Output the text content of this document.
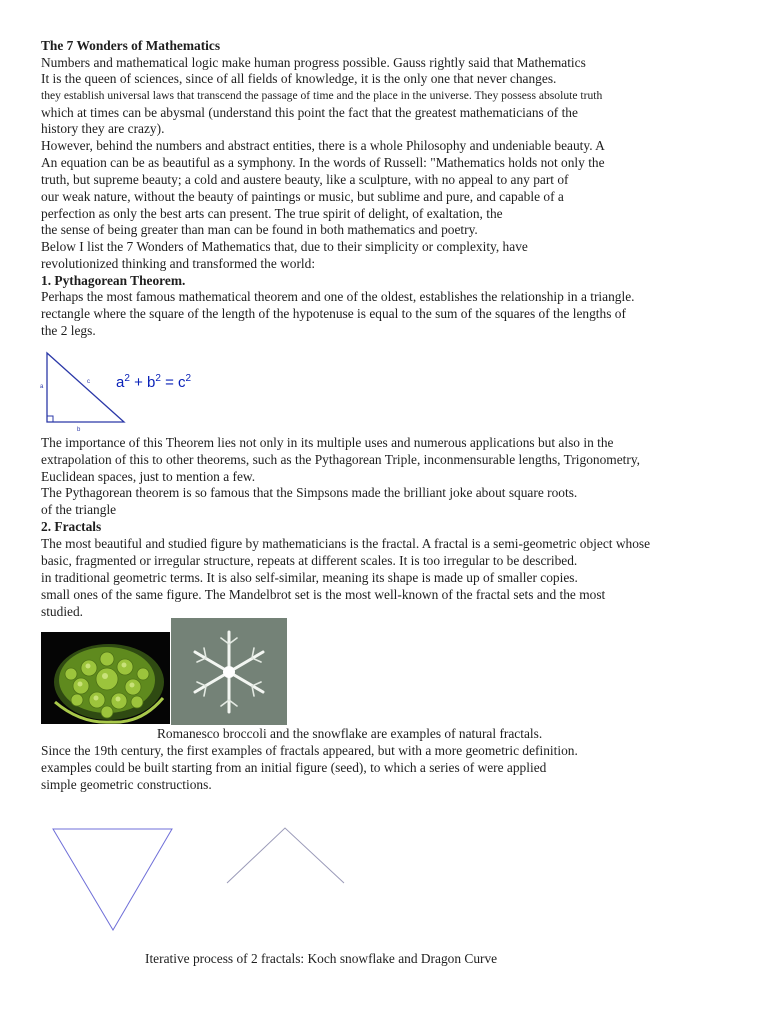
The 7 Wonders of Mathematics
Numbers and mathematical logic make human progress possible. Gauss rightly said that Mathematics
It is the queen of sciences, since of all fields of knowledge, it is the only one that never changes.
they establish universal laws that transcend the passage of time and the place in the universe. They possess absolute truth
which at times can be abysmal (understand this point the fact that the greatest mathematicians of the
history they are crazy).
However, behind the numbers and abstract entities, there is a whole Philosophy and undeniable beauty. A
An equation can be as beautiful as a symphony. In the words of Russell: "Mathematics holds not only the
truth, but supreme beauty; a cold and austere beauty, like a sculpture, with no appeal to any part of
our weak nature, without the beauty of paintings or music, but sublime and pure, and capable of a
perfection as only the best arts can present. The true spirit of delight, of exaltation, the
the sense of being greater than man can be found in both mathematics and poetry.
Below I list the 7 Wonders of Mathematics that, due to their simplicity or complexity, have
revolutionized thinking and transformed the world:
1. Pythagorean Theorem.
Perhaps the most famous mathematical theorem and one of the oldest, establishes the relationship in a triangle.
rectangle where the square of the length of the hypotenuse is equal to the sum of the squares of the lengths of
the 2 legs.
a
c
b
$a^2 + b^2 = c^2$
The importance of this Theorem lies not only in its multiple uses and numerous applications but also in the
extrapolation of this to other theorems, such as the Pythagorean Triple, inconmensurable lengths, Trigonometry,
Euclidean spaces, just to mention a few.
The Pythagorean theorem is so famous that the Simpsons made the brilliant joke about square roots.
of the triangle
2. Fractals
The most beautiful and studied figure by mathematicians is the fractal. A fractal is a semi-geometric object whose
basic, fragmented or irregular structure, repeats at different scales. It is too irregular to be described.
in traditional geometric terms. It is also self-similar, meaning its shape is made up of smaller copies.
small ones of the same figure. The Mandelbrot set is the most well-known of the fractal sets and the most
studied.
Romanesco broccoli and the snowflake are examples of natural fractals.
Since the 19th century, the first examples of fractals appeared, but with a more geometric definition.
examples could be built starting from an initial figure (seed), to which a series of were applied
simple geometric constructions.
Iterative process of 2 fractals: Koch snowflake and Dragon Curve
